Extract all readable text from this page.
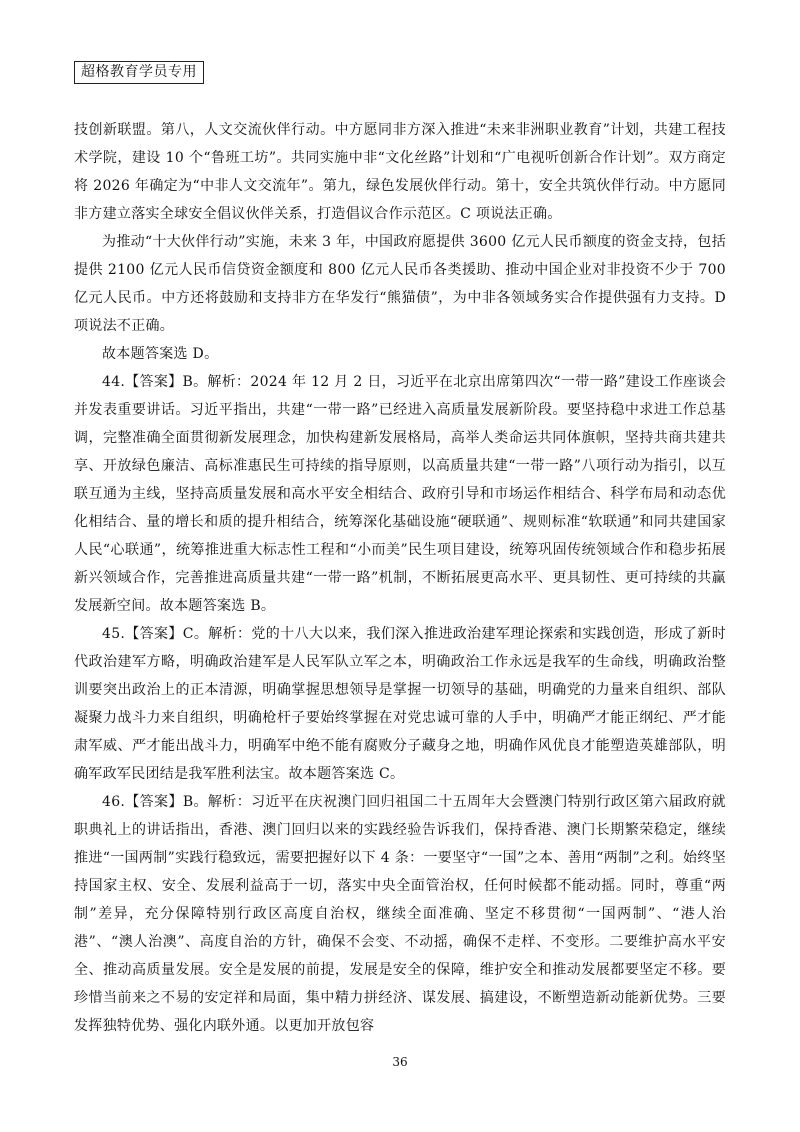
超格教育学员专用

技创新联盟。第八，人文交流伙伴行动。中方愿同非方深入推进“未来非洲职业教育”计划，共建工程技术学院，建设 10 个“鲁班工坊”。共同实施中非“文化丝路”计划和“广电视听创新合作计划”。双方商定将 2026 年确定为“中非人文交流年”。第九，绿色发展伙伴行动。第十，安全共筑伙伴行动。中方愿同非方建立落实全球安全倡议伙伴关系，打造倡议合作示范区。C 项说法正确。

为推动“十大伙伴行动”实施，未来 3 年，中国政府愿提供 3600 亿元人民币额度的资金支持，包括提供 2100 亿元人民币信贷资金额度和 800 亿元人民币各类援助、推动中国企业对非投资不少于 700 亿元人民币。中方还将鼓励和支持非方在华发行“熊猫债”，为中非各领域务实合作提供强有力支持。D 项说法不正确。

故本题答案选 D。

44.【答案】B。解析：2024 年 12 月 2 日，习近平在北京出席第四次“一带一路”建设工作座谈会并发表重要讲话。习近平指出，共建“一带一路”已经进入高质量发展新阶段。要坚持稳中求进工作总基调，完整准确全面贯彻新发展理念，加快构建新发展格局，高举人类命运共同体旗帜，坚持共商共建共享、开放绿色廉洁、高标准惠民生可持续的指导原则，以高质量共建“一带一路”八项行动为指引，以互联互通为主线，坚持高质量发展和高水平安全相结合、政府引导和市场运作相结合、科学布局和动态优化相结合、量的增长和质的提升相结合，统筹深化基础设施“硬联通”、规则标准“软联通”和同共建国家人民“心联通”，统筹推进重大标志性工程和“小而美”民生项目建设，统筹巩固传统领域合作和稳步拓展新兴领域合作，完善推进高质量共建“一带一路”机制，不断拓展更高水平、更具韧性、更可持续的共赢发展新空间。故本题答案选 B。

45.【答案】C。解析：党的十八大以来，我们深入推进政治建军理论探索和实践创造，形成了新时代政治建军方略，明确政治建军是人民军队立军之本，明确政治工作永远是我军的生命线，明确政治整训要突出政治上的正本清源，明确掌握思想领导是掌握一切领导的基础，明确党的力量来自组织、部队凝聚力战斗力来自组织，明确枪杆子要始终掌握在对党忠诚可靠的人手中，明确严才能正纲纪、严才能肃军威、严才能出战斗力，明确军中绝不能有腐败分子藏身之地，明确作风优良才能塑造英雄部队，明确军政军民团结是我军胜利法宝。故本题答案选 C。

46.【答案】B。解析：习近平在庆祝澳门回归祖国二十五周年大会暨澳门特别行政区第六届政府就职典礼上的讲话指出，香港、澳门回归以来的实践经验告诉我们，保持香港、澳门长期繁荣稳定，继续推进“一国两制”实践行稳致远，需要把握好以下 4 条：一要坚守“一国”之本、善用“两制”之利。始终坚持国家主权、安全、发展利益高于一切，落实中央全面管治权，任何时候都不能动摇。同时，尊重“两制”差异，充分保障特别行政区高度自治权，继续全面准确、坚定不移贯彻“一国两制”、“港人治港”、“澳人治澳”、高度自治的方针，确保不会变、不动摇，确保不走样、不变形。二要维护高水平安全、推动高质量发展。安全是发展的前提，发展是安全的保障，维护安全和推动发展都要坚定不移。要珍惜当前来之不易的安定祥和局面，集中精力拼经济、谋发展、搞建设，不断塑造新动能新优势。三要发挥独特优势、强化内联外通。以更加开放包容

36
